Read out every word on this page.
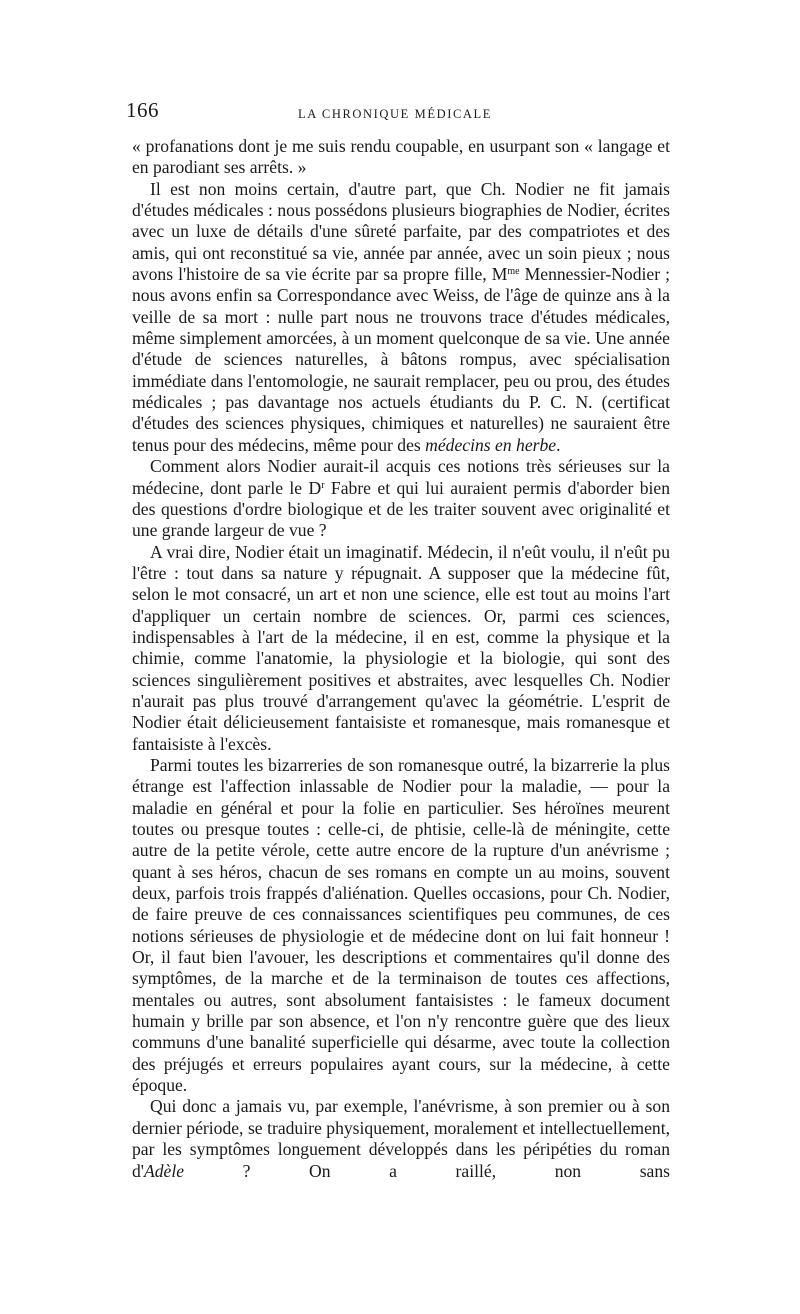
166	LA CHRONIQUE MÉDICALE

« profanations dont je me suis rendu coupable, en usurpant son « langage et en parodiant ses arrêts. »

Il est non moins certain, d'autre part, que Ch. Nodier ne fit jamais d'études médicales : nous possédons plusieurs biographies de Nodier, écrites avec un luxe de détails d'une sûreté parfaite, par des compatriotes et des amis, qui ont reconstitué sa vie, année par année, avec un soin pieux ; nous avons l'histoire de sa vie écrite par sa propre fille, $M^{me}$ Mennessier-Nodier ; nous avons enfin sa Correspondance avec Weiss, de l'âge de quinze ans à la veille de sa mort : nulle part nous ne trouvons trace d'études médicales, même simplement amorcées, à un moment quelconque de sa vie. Une année d'étude de sciences naturelles, à bâtons rompus, avec spécialisation immédiate dans l'entomologie, ne saurait remplacer, peu ou prou, des études médicales ; pas davantage nos actuels étudiants du P. C. N. (certificat d'études des sciences physiques, chimiques et naturelles) ne sauraient être tenus pour des médecins, même pour des médecins en herbe.

Comment alors Nodier aurait-il acquis ces notions très sérieuses sur la médecine, dont parle le $D^r$ Fabre et qui lui auraient permis d'aborder bien des questions d'ordre biologique et de les traiter souvent avec originalité et une grande largeur de vue ?

A vrai dire, Nodier était un imaginatif. Médecin, il n'eût voulu, il n'eût pu l'être : tout dans sa nature y répugnait. A supposer que la médecine fût, selon le mot consacré, un art et non une science, elle est tout au moins l'art d'appliquer un certain nombre de sciences. Or, parmi ces sciences, indispensables à l'art de la médecine, il en est, comme la physique et la chimie, comme l'anatomie, la physiologie et la biologie, qui sont des sciences singulièrement positives et abstraites, avec lesquelles Ch. Nodier n'aurait pas plus trouvé d'arrangement qu'avec la géométrie. L'esprit de Nodier était délicieusement fantaisiste et romanesque, mais romanesque et fantaisiste à l'excès.

Parmi toutes les bizarreries de son romanesque outré, la bizarrerie la plus étrange est l'affection inlassable de Nodier pour la maladie, — pour la maladie en général et pour la folie en particulier. Ses héroïnes meurent toutes ou presque toutes : celle-ci, de phtisie, celle-là de méningite, cette autre de la petite vérole, cette autre encore de la rupture d'un anévrisme ; quant à ses héros, chacun de ses romans en compte un au moins, souvent deux, parfois trois frappés d'aliénation. Quelles occasions, pour Ch. Nodier, de faire preuve de ces connaissances scientifiques peu communes, de ces notions sérieuses de physiologie et de médecine dont on lui fait honneur ! Or, il faut bien l'avouer, les descriptions et commentaires qu'il donne des symptômes, de la marche et de la terminaison de toutes ces affections, mentales ou autres, sont absolument fantaisistes : le fameux document humain y brille par son absence, et l'on n'y rencontre guère que des lieux communs d'une banalité superficielle qui désarme, avec toute la collection des préjugés et erreurs populaires ayant cours, sur la médecine, à cette époque.

Qui donc a jamais vu, par exemple, l'anévrisme, à son premier ou à son dernier période, se traduire physiquement, moralement et intellectuellement, par les symptômes longuement développés dans les péripéties du roman d'Adèle ? On a raillé, non sans
